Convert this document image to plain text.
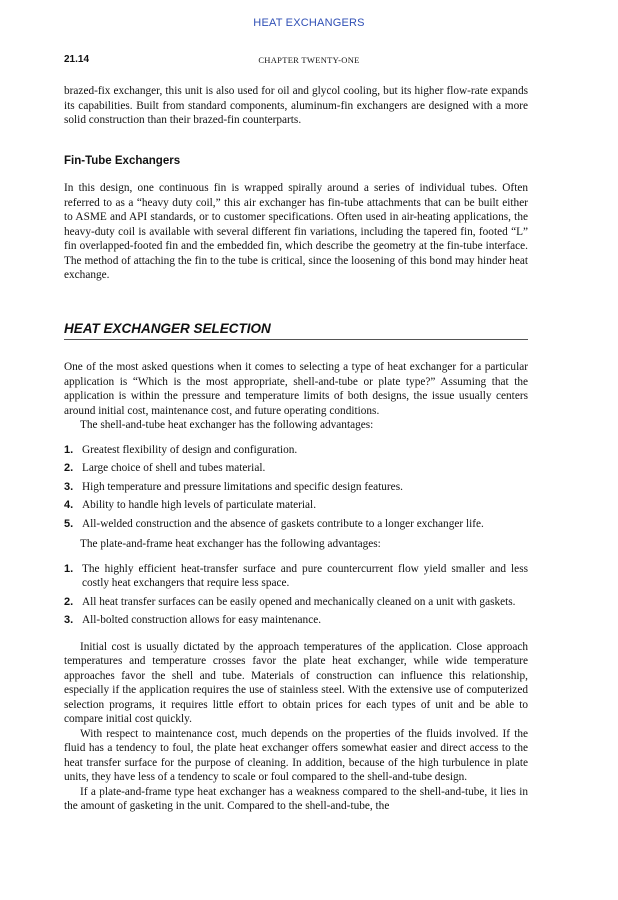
HEAT EXCHANGERS
21.14	CHAPTER TWENTY-ONE

brazed-fix exchanger, this unit is also used for oil and glycol cooling, but its higher flow-rate expands its capabilities. Built from standard components, aluminum-fin exchangers are designed with a more solid construction than their brazed-fin counterparts.

Fin-Tube Exchangers

In this design, one continuous fin is wrapped spirally around a series of individual tubes. Often referred to as a “heavy duty coil,” this air exchanger has fin-tube attachments that can be built either to ASME and API standards, or to customer specifications. Often used in air-heating applications, the heavy-duty coil is available with several different fin variations, including the tapered fin, footed “L” fin overlapped-footed fin and the embedded fin, which describe the geometry at the fin-tube interface. The method of attaching the fin to the tube is critical, since the loosening of this bond may hinder heat exchange.

HEAT EXCHANGER SELECTION

One of the most asked questions when it comes to selecting a type of heat exchanger for a particular application is “Which is the most appropriate, shell-and-tube or plate type?” Assuming that the application is within the pressure and temperature limits of both designs, the issue usually centers around initial cost, maintenance cost, and future operating conditions.

The shell-and-tube heat exchanger has the following advantages:

1. Greatest flexibility of design and configuration.
2. Large choice of shell and tubes material.
3. High temperature and pressure limitations and specific design features.
4. Ability to handle high levels of particulate material.
5. All-welded construction and the absence of gaskets contribute to a longer exchanger life.

The plate-and-frame heat exchanger has the following advantages:

1. The highly efficient heat-transfer surface and pure countercurrent flow yield smaller and less costly heat exchangers that require less space.
2. All heat transfer surfaces can be easily opened and mechanically cleaned on a unit with gaskets.
3. All-bolted construction allows for easy maintenance.

Initial cost is usually dictated by the approach temperatures of the application. Close approach temperatures and temperature crosses favor the plate heat exchanger, while wide temperature approaches favor the shell and tube. Materials of construction can influence this relationship, especially if the application requires the use of stainless steel. With the extensive use of computerized selection programs, it requires little effort to obtain prices for each types of unit and be able to compare initial cost quickly.

With respect to maintenance cost, much depends on the properties of the fluids involved. If the fluid has a tendency to foul, the plate heat exchanger offers somewhat easier and direct access to the heat transfer surface for the purpose of cleaning. In addition, because of the high turbulence in plate units, they have less of a tendency to scale or foul compared to the shell-and-tube design.

If a plate-and-frame type heat exchanger has a weakness compared to the shell-and-tube, it lies in the amount of gasketing in the unit. Compared to the shell-and-tube, the
